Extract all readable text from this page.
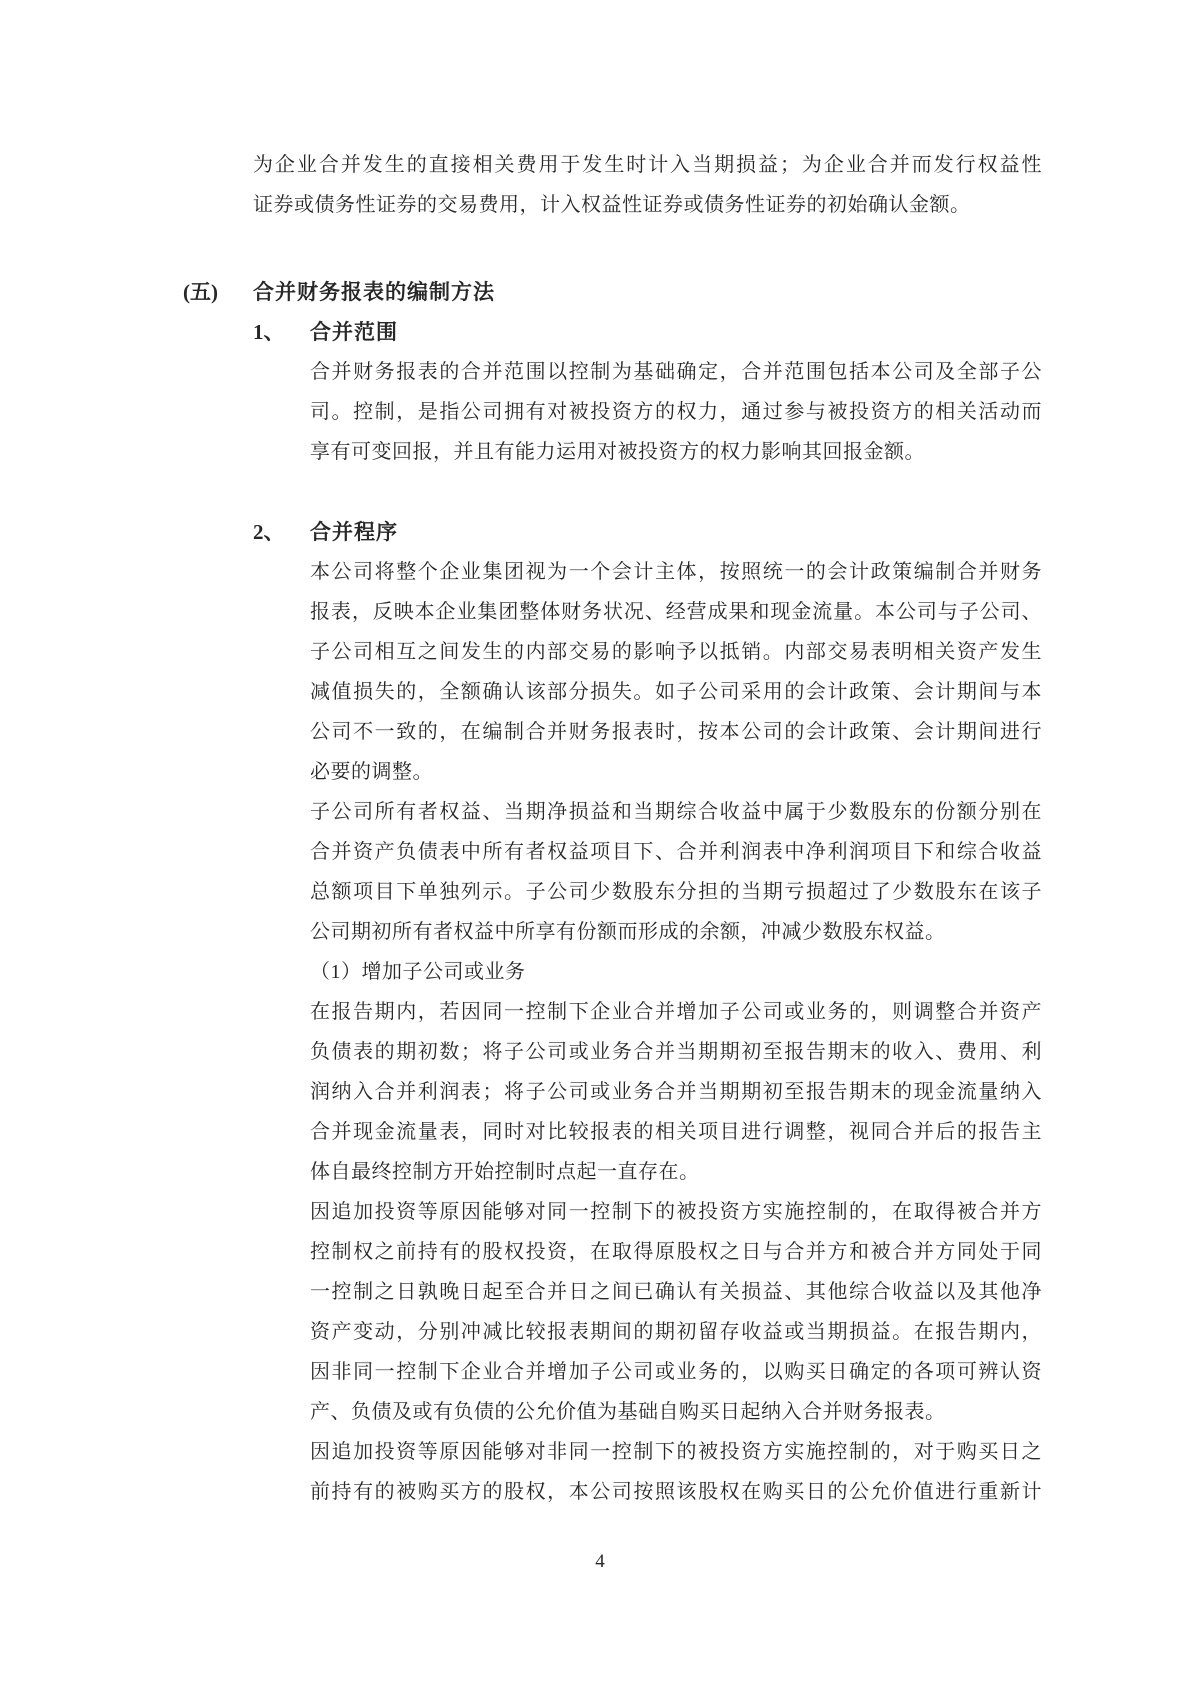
为企业合并发生的直接相关费用于发生时计入当期损益；为企业合并而发行权益性
证券或债务性证券的交易费用，计入权益性证券或债务性证券的初始确认金额。
(五)	合并财务报表的编制方法
1、	合并范围
合并财务报表的合并范围以控制为基础确定，合并范围包括本公司及全部子公
司。控制，是指公司拥有对被投资方的权力，通过参与被投资方的相关活动而
享有可变回报，并且有能力运用对被投资方的权力影响其回报金额。
2、	合并程序
本公司将整个企业集团视为一个会计主体，按照统一的会计政策编制合并财务
报表，反映本企业集团整体财务状况、经营成果和现金流量。本公司与子公司、
子公司相互之间发生的内部交易的影响予以抵销。内部交易表明相关资产发生
减值损失的，全额确认该部分损失。如子公司采用的会计政策、会计期间与本
公司不一致的，在编制合并财务报表时，按本公司的会计政策、会计期间进行
必要的调整。
子公司所有者权益、当期净损益和当期综合收益中属于少数股东的份额分别在
合并资产负债表中所有者权益项目下、合并利润表中净利润项目下和综合收益
总额项目下单独列示。子公司少数股东分担的当期亏损超过了少数股东在该子
公司期初所有者权益中所享有份额而形成的余额，冲减少数股东权益。
（1）增加子公司或业务
在报告期内，若因同一控制下企业合并增加子公司或业务的，则调整合并资产
负债表的期初数；将子公司或业务合并当期期初至报告期末的收入、费用、利
润纳入合并利润表；将子公司或业务合并当期期初至报告期末的现金流量纳入
合并现金流量表，同时对比较报表的相关项目进行调整，视同合并后的报告主
体自最终控制方开始控制时点起一直存在。
因追加投资等原因能够对同一控制下的被投资方实施控制的，在取得被合并方
控制权之前持有的股权投资，在取得原股权之日与合并方和被合并方同处于同
一控制之日孰晚日起至合并日之间已确认有关损益、其他综合收益以及其他净
资产变动，分别冲减比较报表期间的期初留存收益或当期损益。在报告期内，
因非同一控制下企业合并增加子公司或业务的，以购买日确定的各项可辨认资
产、负债及或有负债的公允价值为基础自购买日起纳入合并财务报表。
因追加投资等原因能够对非同一控制下的被投资方实施控制的，对于购买日之
前持有的被购买方的股权，本公司按照该股权在购买日的公允价值进行重新计
4
